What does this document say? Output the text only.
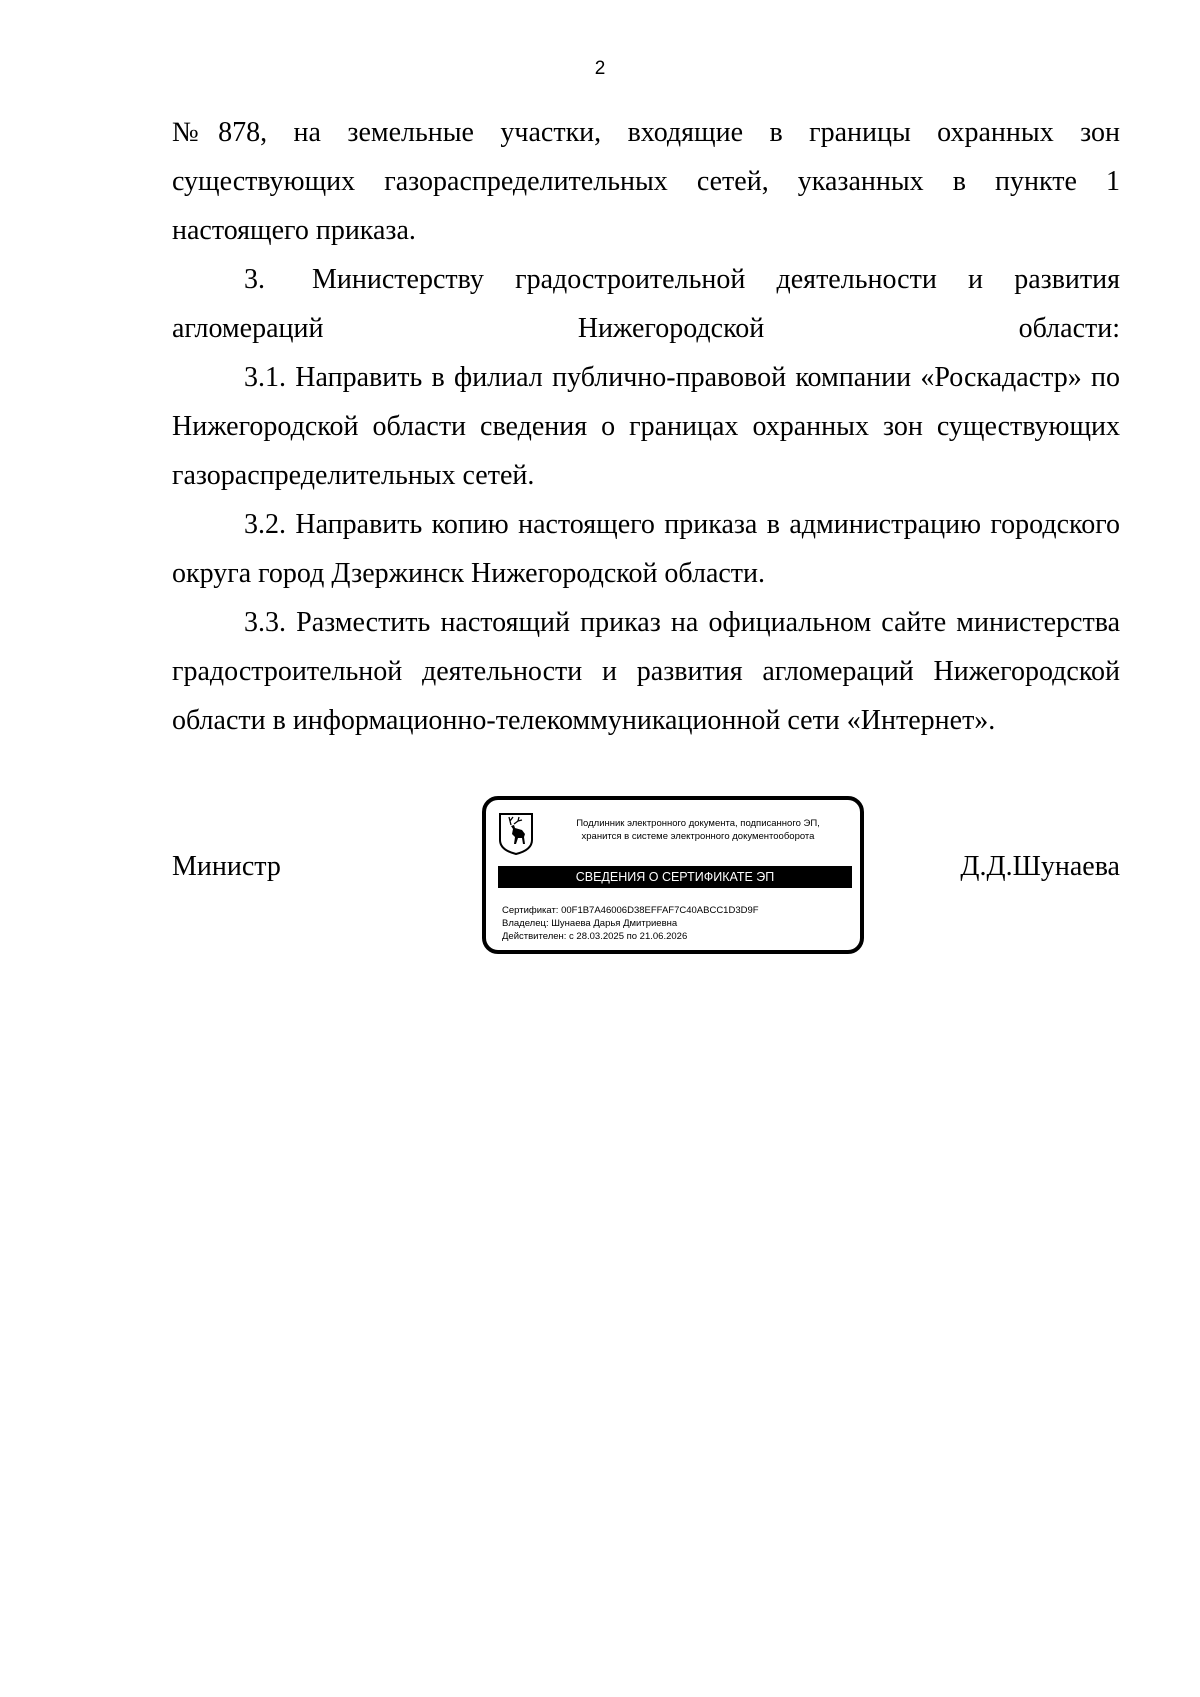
2

№878, на земельные участки, входящие в границы охранных зон существующих газораспределительных сетей, указанных в пункте 1 настоящего приказа.

3. Министерству градостроительной деятельности и развития агломераций Нижегородской области:

3.1. Направить в филиал публично-правовой компании «Роскадастр» по Нижегородской области сведения о границах охранных зон существующих газораспределительных сетей.

3.2. Направить копию настоящего приказа в администрацию городского округа город Дзержинск Нижегородской области.

3.3. Разместить настоящий приказ на официальном сайте министерства градостроительной деятельности и развития агломераций Нижегородской области в информационно-телекоммуникационной сети «Интернет».

Министр	Д.Д.Шунаева
Подлинник электронного документа, подписанного ЭП,
хранится в системе электронного документооборота
СВЕДЕНИЯ О СЕРТИФИКАТЕ ЭП
Сертификат: 00F1B7A46006D38EFFAF7C40ABCC1D3D9F
Владелец: Шунаева Дарья Дмитриевна
Действителен: с 28.03.2025 по 21.06.2026
